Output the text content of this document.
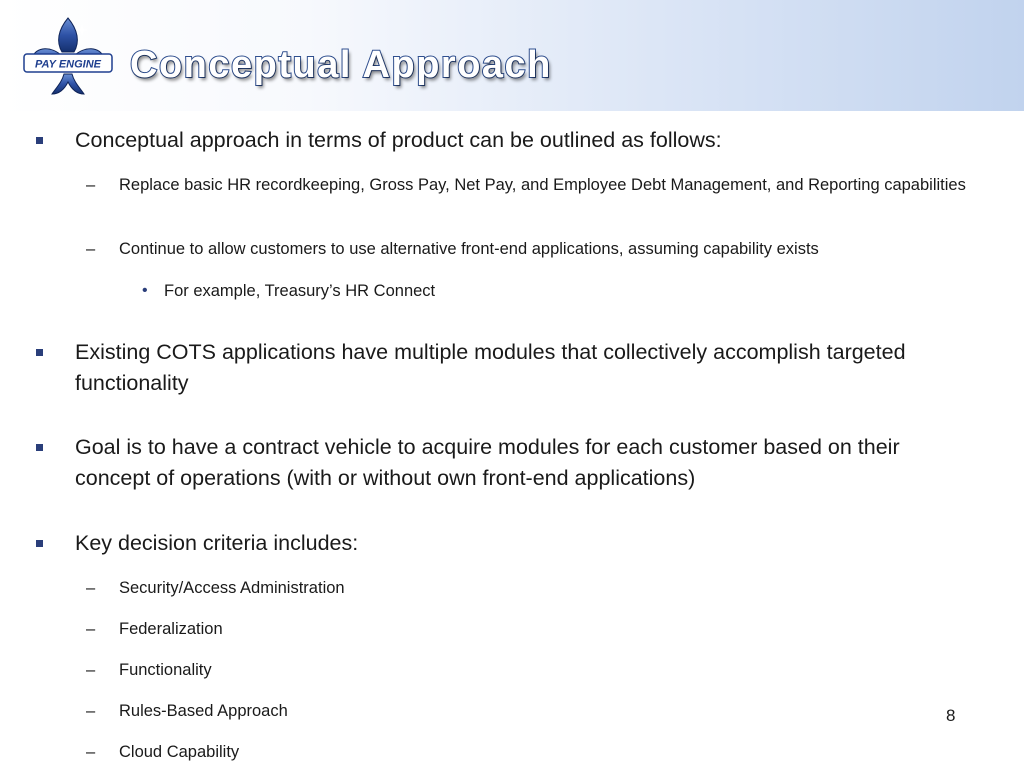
PAY ENGINE Conceptual Approach
Conceptual approach in terms of product can be outlined as follows:
– Replace basic HR recordkeeping, Gross Pay, Net Pay, and Employee Debt Management, and Reporting capabilities
– Continue to allow customers to use alternative front-end applications, assuming capability exists
• For example, Treasury’s HR Connect
Existing COTS applications have multiple modules that collectively accomplish targeted functionality
Goal is to have a contract vehicle to acquire modules for each customer based on their concept of operations (with or without own front-end applications)
Key decision criteria includes:
– Security/Access Administration
– Federalization
– Functionality
– Rules-Based Approach
– Cloud Capability
8
